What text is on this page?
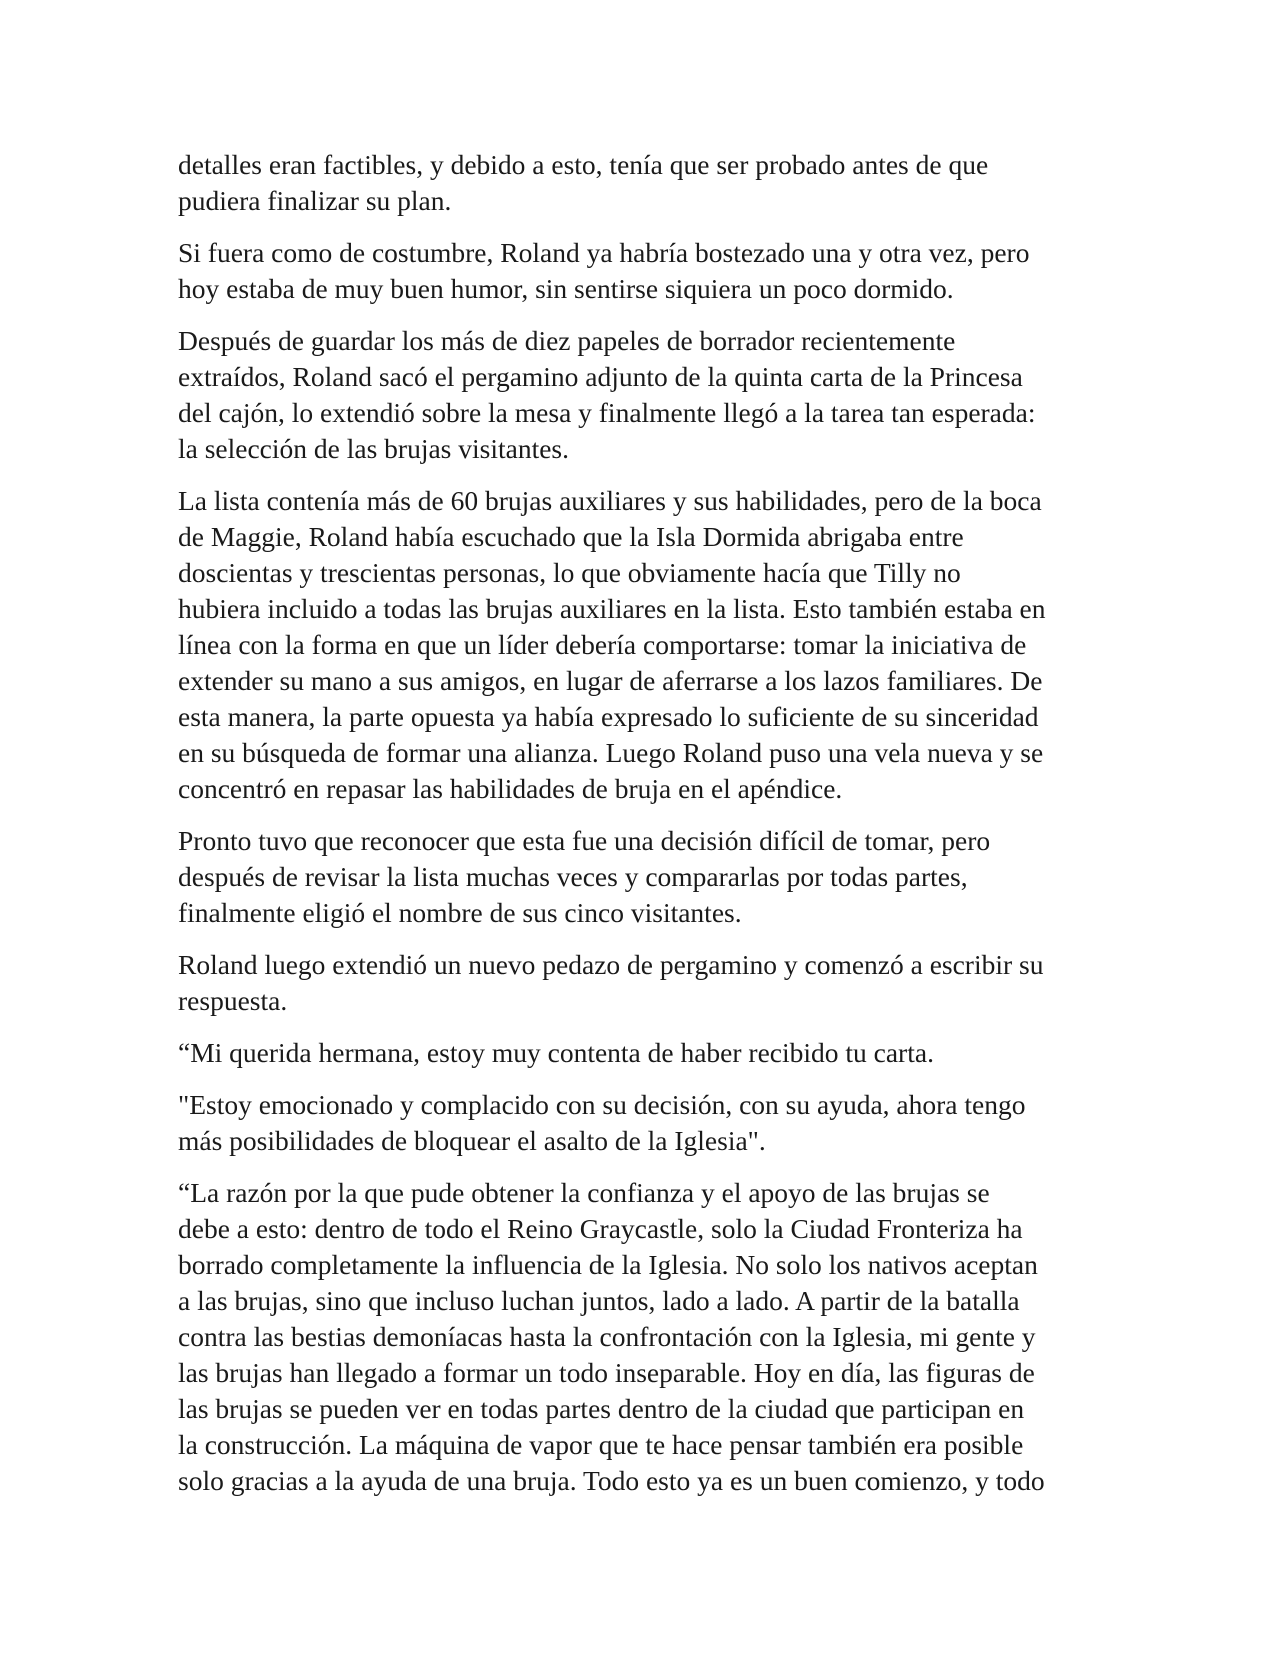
detalles eran factibles, y debido a esto, tenía que ser probado antes de que
pudiera finalizar su plan.

Si fuera como de costumbre, Roland ya habría bostezado una y otra vez, pero
hoy estaba de muy buen humor, sin sentirse siquiera un poco dormido.

Después de guardar los más de diez papeles de borrador recientemente
extraídos, Roland sacó el pergamino adjunto de la quinta carta de la Princesa
del cajón, lo extendió sobre la mesa y finalmente llegó a la tarea tan esperada:
la selección de las brujas visitantes.

La lista contenía más de 60 brujas auxiliares y sus habilidades, pero de la boca
de Maggie, Roland había escuchado que la Isla Dormida abrigaba entre
doscientas y trescientas personas, lo que obviamente hacía que Tilly no
hubiera incluido a todas las brujas auxiliares en la lista. Esto también estaba en
línea con la forma en que un líder debería comportarse: tomar la iniciativa de
extender su mano a sus amigos, en lugar de aferrarse a los lazos familiares. De
esta manera, la parte opuesta ya había expresado lo suficiente de su sinceridad
en su búsqueda de formar una alianza. Luego Roland puso una vela nueva y se
concentró en repasar las habilidades de bruja en el apéndice.

Pronto tuvo que reconocer que esta fue una decisión difícil de tomar, pero
después de revisar la lista muchas veces y compararlas por todas partes,
finalmente eligió el nombre de sus cinco visitantes.

Roland luego extendió un nuevo pedazo de pergamino y comenzó a escribir su
respuesta.

“Mi querida hermana, estoy muy contenta de haber recibido tu carta.

"Estoy emocionado y complacido con su decisión, con su ayuda, ahora tengo
más posibilidades de bloquear el asalto de la Iglesia".

“La razón por la que pude obtener la confianza y el apoyo de las brujas se
debe a esto: dentro de todo el Reino Graycastle, solo la Ciudad Fronteriza ha
borrado completamente la influencia de la Iglesia. No solo los nativos aceptan
a las brujas, sino que incluso luchan juntos, lado a lado. A partir de la batalla
contra las bestias demoníacas hasta la confrontación con la Iglesia, mi gente y
las brujas han llegado a formar un todo inseparable. Hoy en día, las figuras de
las brujas se pueden ver en todas partes dentro de la ciudad que participan en
la construcción. La máquina de vapor que te hace pensar también era posible
solo gracias a la ayuda de una bruja. Todo esto ya es un buen comienzo, y todo
